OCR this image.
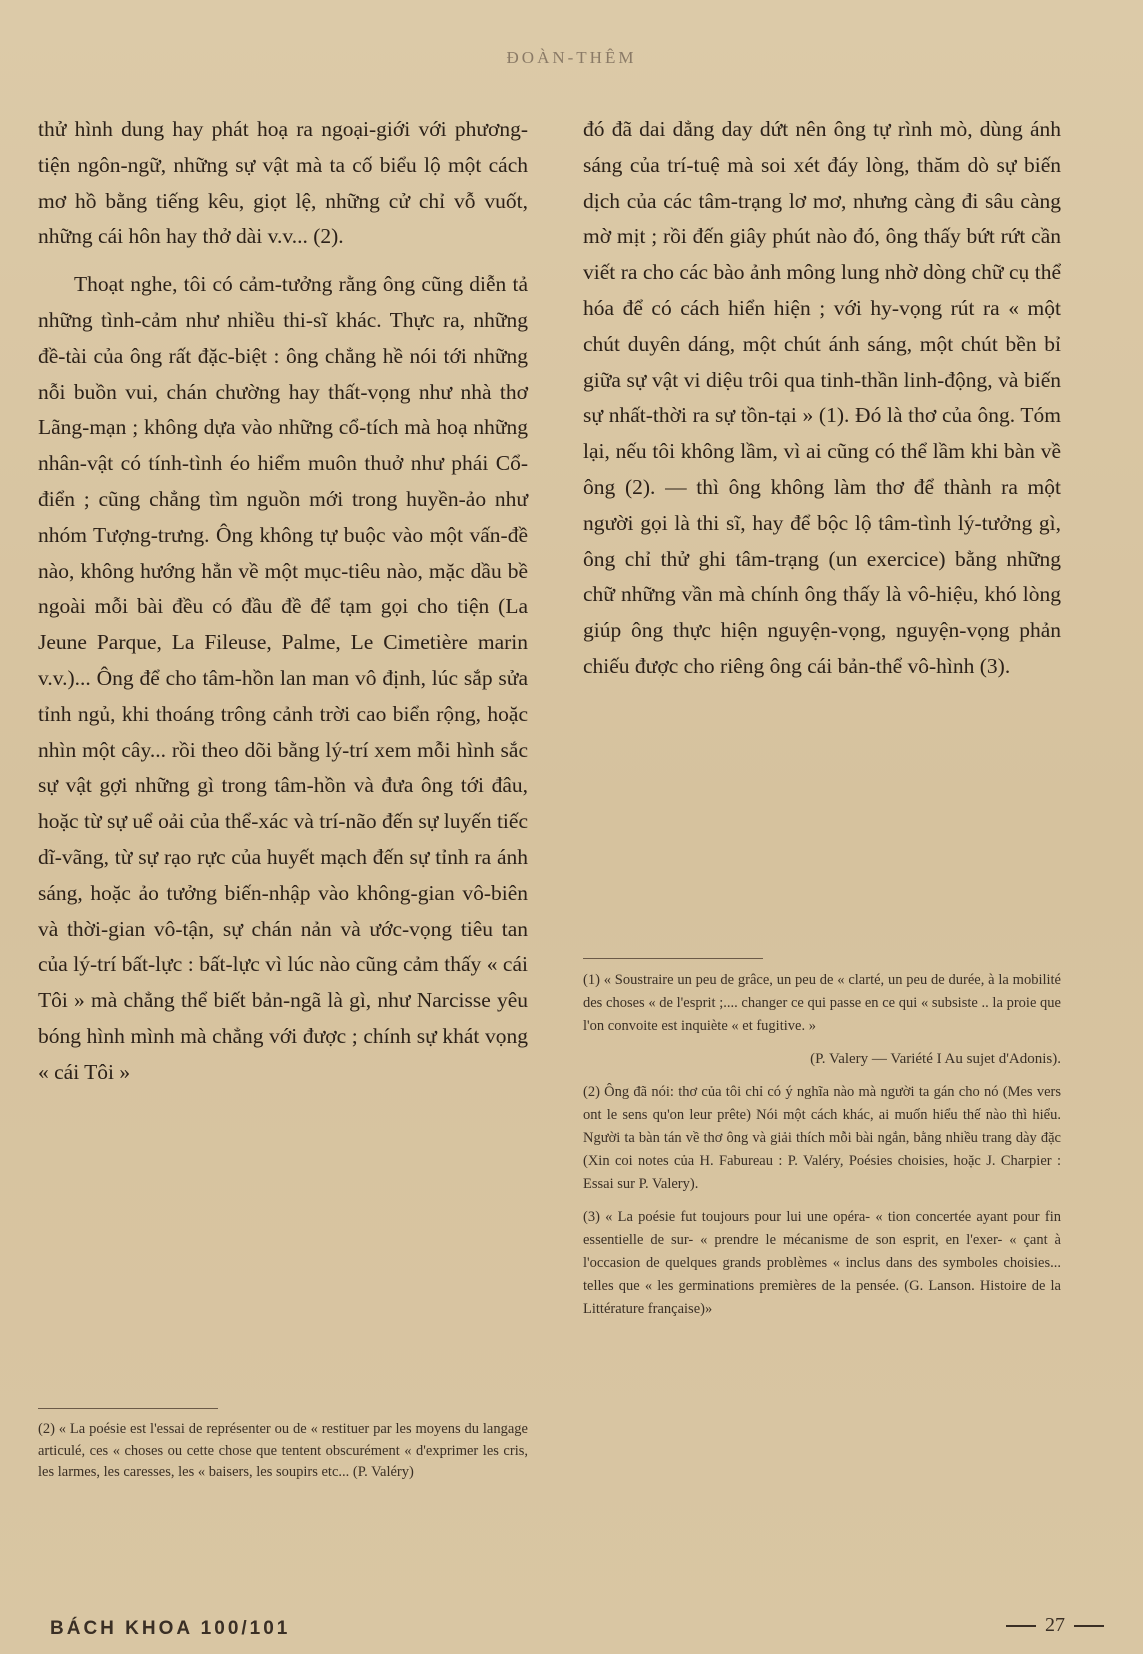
ĐOÀN-THÊM

thử hình dung hay phát hoạ ra ngoại-giới với phương-tiện ngôn-ngữ, những sự vật mà ta cố biểu lộ một cách mơ hồ bằng tiếng kêu, giọt lệ, những cử chỉ vỗ vuốt, những cái hôn hay thở dài v.v... (2).

Thoạt nghe, tôi có cảm-tưởng rằng ông cũng diễn tả những tình-cảm như nhiều thi-sĩ khác. Thực ra, những đề-tài của ông rất đặc-biệt : ông chẳng hề nói tới những nỗi buồn vui, chán chường hay thất-vọng như nhà thơ Lãng-mạn ; không dựa vào những cổ-tích mà hoạ những nhân-vật có tính-tình éo hiểm muôn thuở như phái Cổ-điển ; cũng chẳng tìm nguồn mới trong huyền-ảo như nhóm Tượng-trưng. Ông không tự buộc vào một vấn-đề nào, không hướng hẳn về một mục-tiêu nào, mặc dầu bề ngoài mỗi bài đều có đầu đề để tạm gọi cho tiện (La Jeune Parque, La Fileuse, Palme, Le Cimetière marin v.v.)... Ông để cho tâm-hồn lan man vô định, lúc sắp sửa tỉnh ngủ, khi thoáng trông cảnh trời cao biển rộng, hoặc nhìn một cây... rồi theo dõi bằng lý-trí xem mỗi hình sắc sự vật gợi những gì trong tâm-hồn và đưa ông tới đâu, hoặc từ sự uể oải của thể-xác và trí-não đến sự luyến tiếc dĩ-vãng, từ sự rạo rực của huyết mạch đến sự tỉnh ra ánh sáng, hoặc ảo tưởng biến-nhập vào không-gian vô-biên và thời-gian vô-tận, sự chán nản và ước-vọng tiêu tan của lý-trí bất-lực : bất-lực vì lúc nào cũng cảm thấy « cái Tôi » mà chẳng thể biết bản-ngã là gì, như Narcisse yêu bóng hình mình mà chẳng với được ; chính sự khát vọng « cái Tôi »

(2) « La poésie est l'essai de représenter ou de « restituer par les moyens du langage articulé, ces « choses ou cette chose que tentent obscurément « d'exprimer les cris, les larmes, les caresses, les « baisers, les soupirs etc... (P. Valéry)

đó đã dai dẳng day dứt nên ông tự rình mò, dùng ánh sáng của trí-tuệ mà soi xét đáy lòng, thăm dò sự biến dịch của các tâm-trạng lơ mơ, nhưng càng đi sâu càng mờ mịt ; rồi đến giây phút nào đó, ông thấy bứt rứt cần viết ra cho các bào ảnh mông lung nhờ dòng chữ cụ thể hóa để có cách hiển hiện ; với hy-vọng rút ra « một chút duyên dáng, một chút ánh sáng, một chút bền bỉ giữa sự vật vi diệu trôi qua tinh-thần linh-động, và biến sự nhất-thời ra sự tồn-tại » (1). Đó là thơ của ông. Tóm lại, nếu tôi không lầm, vì ai cũng có thể lầm khi bàn về ông (2). — thì ông không làm thơ để thành ra một người gọi là thi sĩ, hay để bộc lộ tâm-tình lý-tưởng gì, ông chỉ thử ghi tâm-trạng (un exercice) bằng những chữ những vần mà chính ông thấy là vô-hiệu, khó lòng giúp ông thực hiện nguyện-vọng, nguyện-vọng phản chiếu được cho riêng ông cái bản-thể vô-hình (3).

(1) « Soustraire un peu de grâce, un peu de « clarté, un peu de durée, à la mobilité des choses « de l'esprit ;.... changer ce qui passe en ce qui « subsiste .. la proie que l'on convoite est inquiète « et fugitive. »

(P. Valery — Variété I Au sujet d'Adonis).

(2) Ông đã nói: thơ của tôi chỉ có ý nghĩa nào mà người ta gán cho nó (Mes vers ont le sens qu'on leur prête) Nói một cách khác, ai muốn hiểu thế nào thì hiểu. Người ta bàn tán về thơ ông và giải thích mỗi bài ngắn, bằng nhiều trang dày đặc (Xin coi notes của H. Fabureau : P. Valéry, Poésies choisies, hoặc J. Charpier : Essai sur P. Valery).

(3) « La poésie fut toujours pour lui une opéra- « tion concertée ayant pour fin essentielle de sur- « prendre le mécanisme de son esprit, en l'exer- « çant à l'occasion de quelques grands problèmes « inclus dans des symboles choisies... telles que « les germinations premières de la pensée. (G. Lanson. Histoire de la Littérature française)»

BÁCH KHOA 100/101	27
